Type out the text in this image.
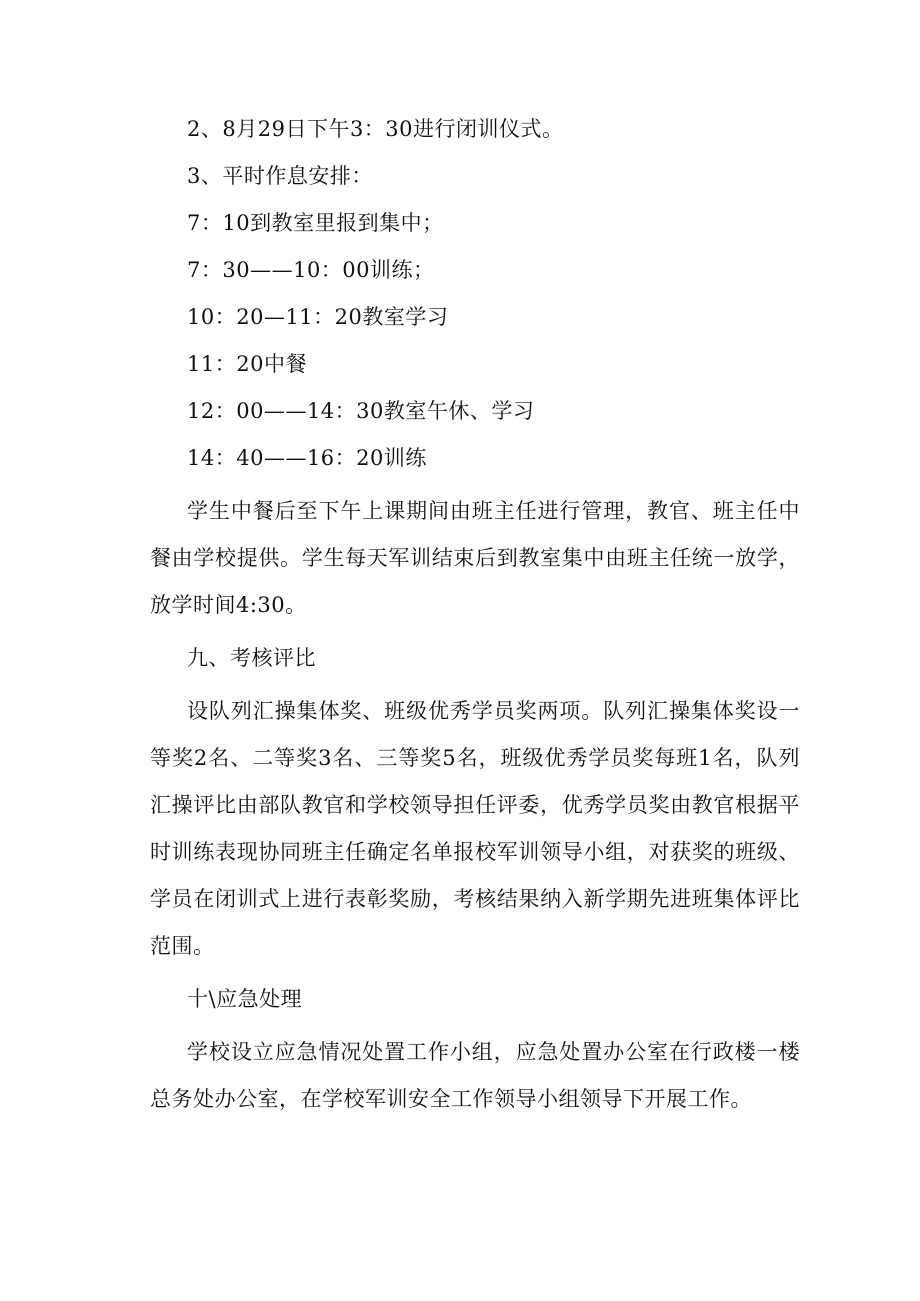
2、8月29日下午3：30进行闭训仪式。
3、平时作息安排：
7：10到教室里报到集中；
7：30——10：00训练；
10：20—11：20教室学习
11：20中餐
12：00——14：30教室午休、学习
14：40——16：20训练

学生中餐后至下午上课期间由班主任进行管理，教官、班主任中餐由学校提供。学生每天军训结束后到教室集中由班主任统一放学，放学时间4:30。

九、考核评比

设队列汇操集体奖、班级优秀学员奖两项。队列汇操集体奖设一等奖2名、二等奖3名、三等奖5名，班级优秀学员奖每班1名，队列汇操评比由部队教官和学校领导担任评委，优秀学员奖由教官根据平时训练表现协同班主任确定名单报校军训领导小组，对获奖的班级、学员在闭训式上进行表彰奖励，考核结果纳入新学期先进班集体评比范围。

十\应急处理

学校设立应急情况处置工作小组，应急处置办公室在行政楼一楼总务处办公室，在学校军训安全工作领导小组领导下开展工作。
